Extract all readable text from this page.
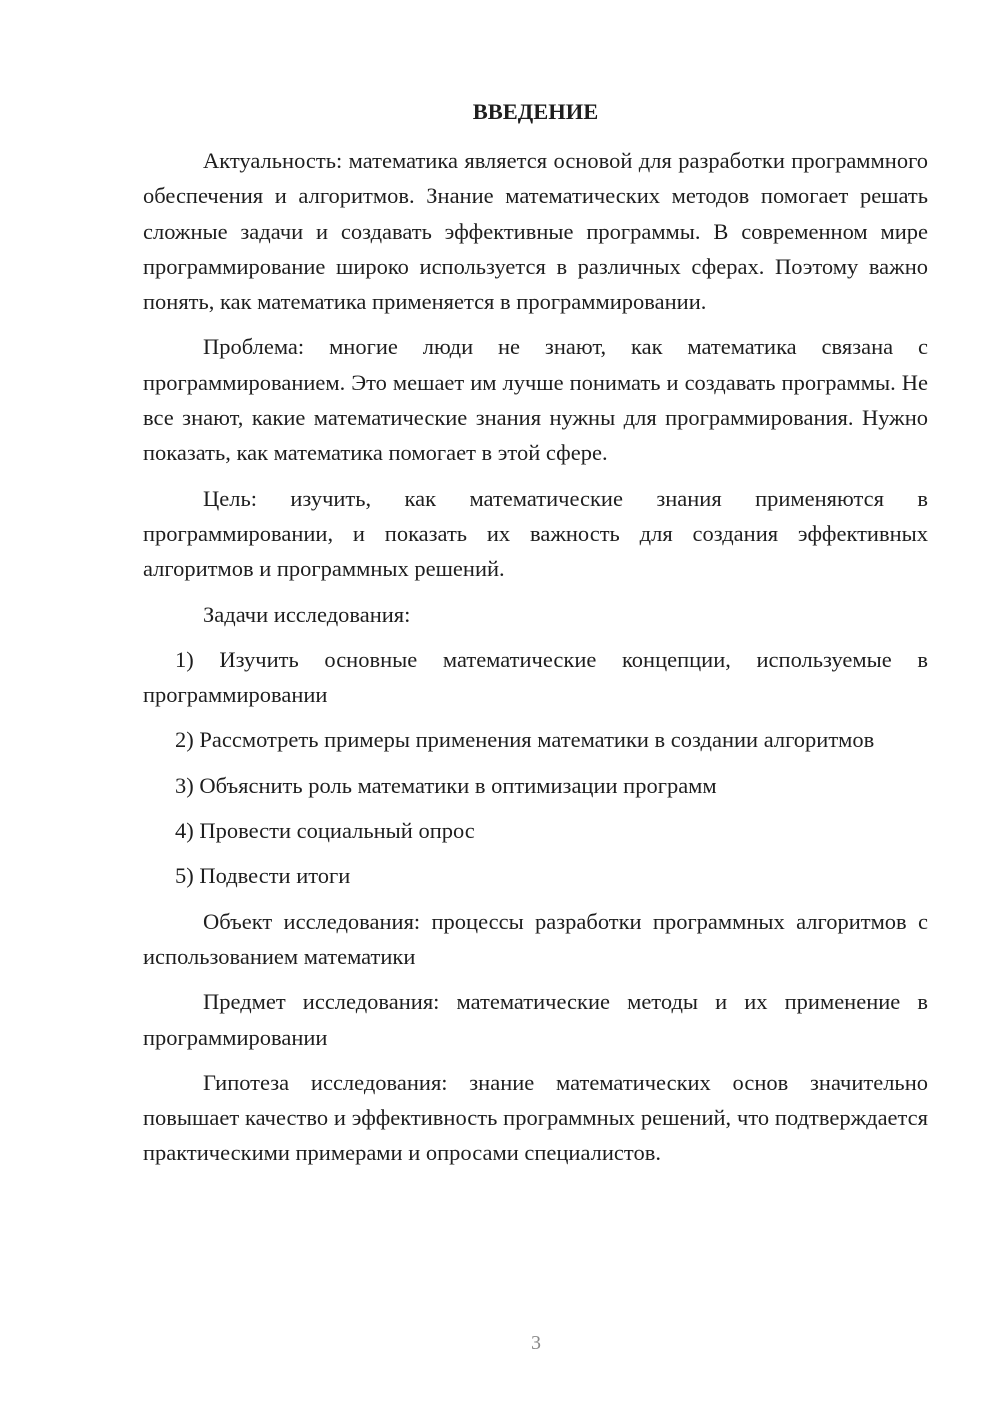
ВВЕДЕНИЕ

Актуальность: математика является основой для разработки программного обеспечения и алгоритмов. Знание математических методов помогает решать сложные задачи и создавать эффективные программы. В современном мире программирование широко используется в различных сферах. Поэтому важно понять, как математика применяется в программировании.

Проблема: многие люди не знают, как математика связана с программированием. Это мешает им лучше понимать и создавать программы. Не все знают, какие математические знания нужны для программирования. Нужно показать, как математика помогает в этой сфере.

Цель: изучить, как математические знания применяются в программировании, и показать их важность для создания эффективных алгоритмов и программных решений.

Задачи исследования:

1) Изучить основные математические концепции, используемые в программировании

2) Рассмотреть примеры применения математики в создании алгоритмов

3) Объяснить роль математики в оптимизации программ

4) Провести социальный опрос

5) Подвести итоги

Объект исследования: процессы разработки программных алгоритмов с использованием математики

Предмет исследования: математические методы и их применение в программировании

Гипотеза исследования: знание математических основ значительно повышает качество и эффективность программных решений, что подтверждается практическими примерами и опросами специалистов.

3
